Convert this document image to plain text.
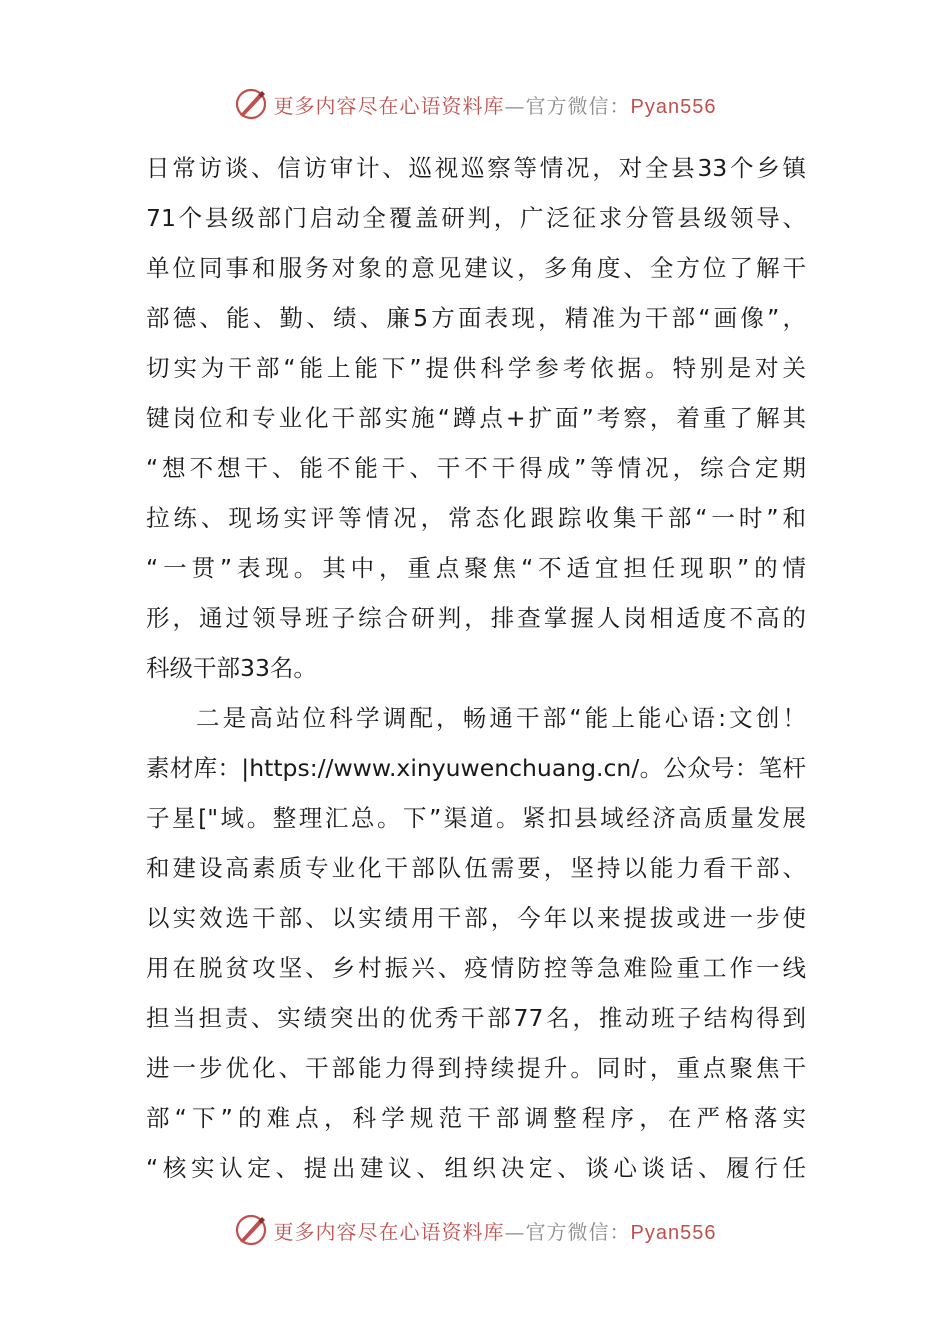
更多内容尽在心语资料库—官方微信：Pyan556
日常访谈、信访审计、巡视巡察等情况，对全县33个乡镇
71个县级部门启动全覆盖研判，广泛征求分管县级领导、
单位同事和服务对象的意见建议，多角度、全方位了解干
部德、能、勤、绩、廉5方面表现，精准为干部“画像”，
切实为干部“能上能下”提供科学参考依据。特别是对关
键岗位和专业化干部实施“蹲点+扩面”考察，着重了解其
“想不想干、能不能干、干不干得成”等情况，综合定期
拉练、现场实评等情况，常态化跟踪收集干部“一时”和
“一贯”表现。其中，重点聚焦“不适宜担任现职”的情
形，通过领导班子综合研判，排查掌握人岗相适度不高的
科级干部33名。
二是高站位科学调配，畅通干部“能上能心语:文创！
素材库：|https://www.xinyuwenchuang.cn/。公众号：笔杆
子星["域。整理汇总。下”渠道。紧扣县域经济高质量发展
和建设高素质专业化干部队伍需要，坚持以能力看干部、
以实效选干部、以实绩用干部，今年以来提拔或进一步使
用在脱贫攻坚、乡村振兴、疫情防控等急难险重工作一线
担当担责、实绩突出的优秀干部77名，推动班子结构得到
进一步优化、干部能力得到持续提升。同时，重点聚焦干
部“下”的难点，科学规范干部调整程序，在严格落实
“核实认定、提出建议、组织决定、谈心谈话、履行任
更多内容尽在心语资料库—官方微信：Pyan556
